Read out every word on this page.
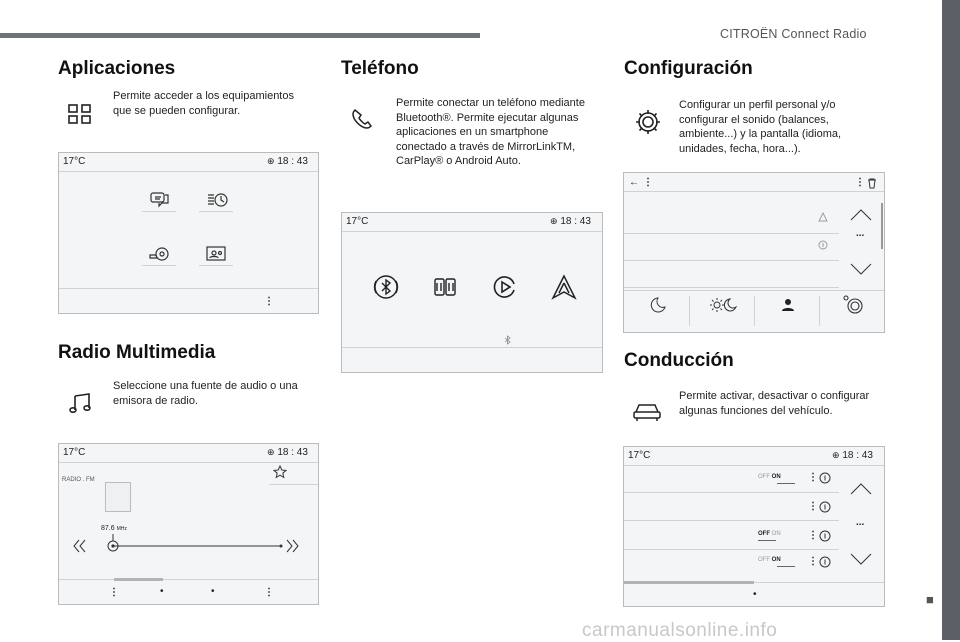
CITROËN Connect Radio
■
carmanualsonline.info
Aplicaciones
Permite acceder a los equipamientos que se pueden configurar.
17°C	⊕ 18 : 43
⋮
Radio Multimedia
Seleccione una fuente de audio o una emisora de radio.
17°C	⊕ 18 : 43
RADIO . FM
87.6 MHz
⋮	•	•	⋮
Teléfono
Permite conectar un teléfono mediante Bluetooth®. Permite ejecutar algunas aplicaciones en un smartphone conectado a través de MirrorLinkTM, CarPlay® o Android Auto.
17°C	⊕ 18 : 43
Configuración
Configurar un perfil personal y/o configurar el sonido (balances, ambiente...) y la pantalla (idioma, unidades, fecha, hora...).
← ⋮	⋮
...
Conducción
Permite activar, desactivar o configurar algunas funciones del vehículo.
17°C	⊕ 18 : 43
OFF ON	⋮
⋮
OFF ON	⋮
OFF ON	⋮
...
•
